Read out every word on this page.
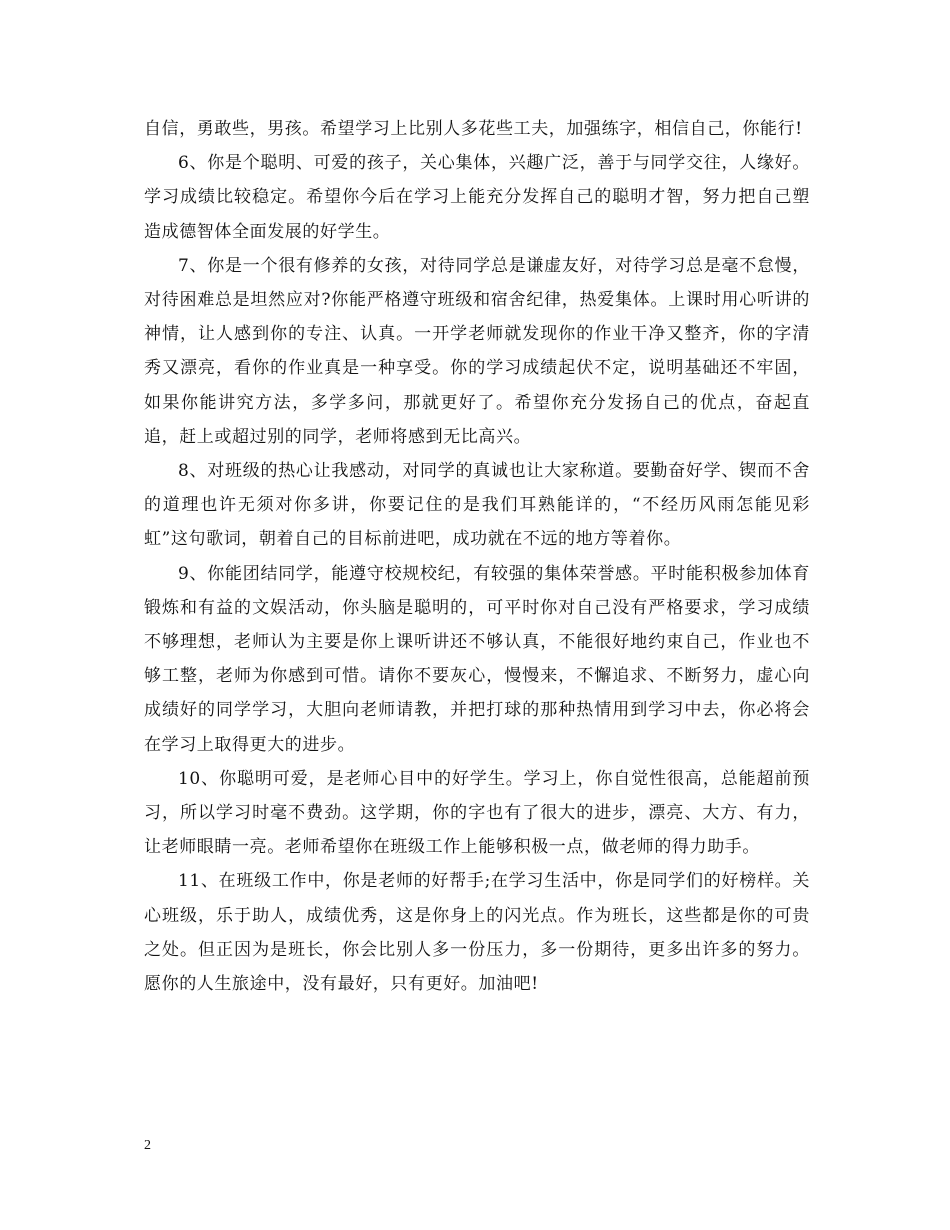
自信，勇敢些，男孩。希望学习上比别人多花些工夫，加强练字，相信自己，你能行!

6、你是个聪明、可爱的孩子，关心集体，兴趣广泛，善于与同学交往，人缘好。学习成绩比较稳定。希望你今后在学习上能充分发挥自己的聪明才智，努力把自己塑造成德智体全面发展的好学生。

7、你是一个很有修养的女孩，对待同学总是谦虚友好，对待学习总是毫不怠慢，对待困难总是坦然应对?你能严格遵守班级和宿舍纪律，热爱集体。上课时用心听讲的神情，让人感到你的专注、认真。一开学老师就发现你的作业干净又整齐，你的字清秀又漂亮，看你的作业真是一种享受。你的学习成绩起伏不定，说明基础还不牢固，如果你能讲究方法，多学多问，那就更好了。希望你充分发扬自己的优点，奋起直追，赶上或超过别的同学，老师将感到无比高兴。

8、对班级的热心让我感动，对同学的真诚也让大家称道。要勤奋好学、锲而不舍的道理也许无须对你多讲，你要记住的是我们耳熟能详的，“不经历风雨怎能见彩虹”这句歌词，朝着自己的目标前进吧，成功就在不远的地方等着你。

9、你能团结同学，能遵守校规校纪，有较强的集体荣誉感。平时能积极参加体育锻炼和有益的文娱活动，你头脑是聪明的，可平时你对自己没有严格要求，学习成绩不够理想，老师认为主要是你上课听讲还不够认真，不能很好地约束自己，作业也不够工整，老师为你感到可惜。请你不要灰心，慢慢来，不懈追求、不断努力，虚心向成绩好的同学学习，大胆向老师请教，并把打球的那种热情用到学习中去，你必将会在学习上取得更大的进步。

10、你聪明可爱，是老师心目中的好学生。学习上，你自觉性很高，总能超前预习，所以学习时毫不费劲。这学期，你的字也有了很大的进步，漂亮、大方、有力，让老师眼睛一亮。老师希望你在班级工作上能够积极一点，做老师的得力助手。

11、在班级工作中，你是老师的好帮手;在学习生活中，你是同学们的好榜样。关心班级，乐于助人，成绩优秀，这是你身上的闪光点。作为班长，这些都是你的可贵之处。但正因为是班长，你会比别人多一份压力，多一份期待，更多出许多的努力。愿你的人生旅途中，没有最好，只有更好。加油吧!

2
